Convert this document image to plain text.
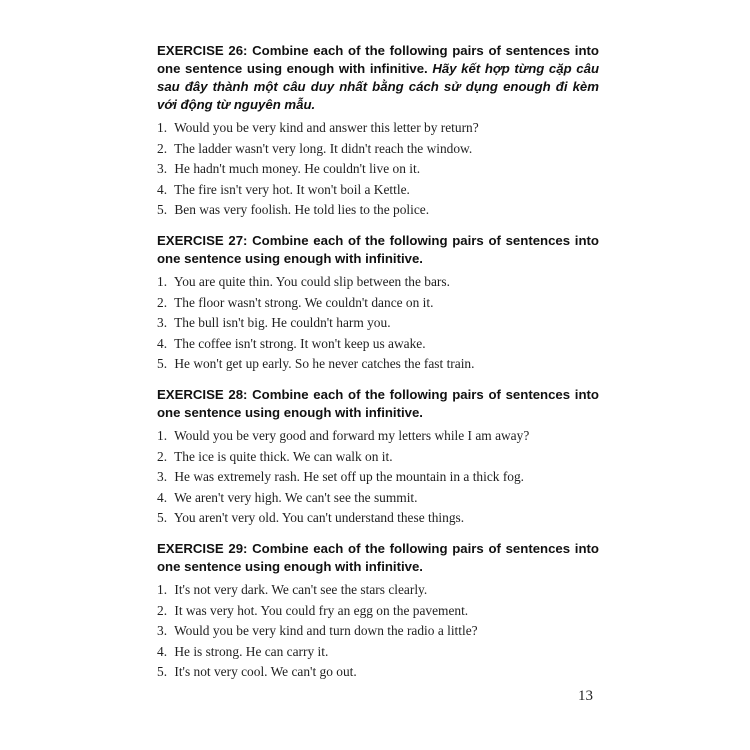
EXERCISE 26: Combine each of the following pairs of sentences into one sentence using enough with infinitive. Hãy kết hợp từng cặp câu sau đây thành một câu duy nhất bằng cách sử dụng enough đi kèm với động từ nguyên mẫu.

1. Would you be very kind and answer this letter by return?
2. The ladder wasn't very long. It didn't reach the window.
3. He hadn't much money. He couldn't live on it.
4. The fire isn't very hot. It won't boil a Kettle.
5. Ben was very foolish. He told lies to the police.

EXERCISE 27: Combine each of the following pairs of sentences into one sentence using enough with infinitive.

1. You are quite thin. You could slip between the bars.
2. The floor wasn't strong. We couldn't dance on it.
3. The bull isn't big. He couldn't harm you.
4. The coffee isn't strong. It won't keep us awake.
5. He won't get up early. So he never catches the fast train.

EXERCISE 28: Combine each of the following pairs of sentences into one sentence using enough with infinitive.

1. Would you be very good and forward my letters while I am away?
2. The ice is quite thick. We can walk on it.
3. He was extremely rash. He set off up the mountain in a thick fog.
4. We aren't very high. We can't see the summit.
5. You aren't very old. You can't understand these things.

EXERCISE 29: Combine each of the following pairs of sentences into one sentence using enough with infinitive.

1. It's not very dark. We can't see the stars clearly.
2. It was very hot. You could fry an egg on the pavement.
3. Would you be very kind and turn down the radio a little?
4. He is strong. He can carry it.
5. It's not very cool. We can't go out.
13
